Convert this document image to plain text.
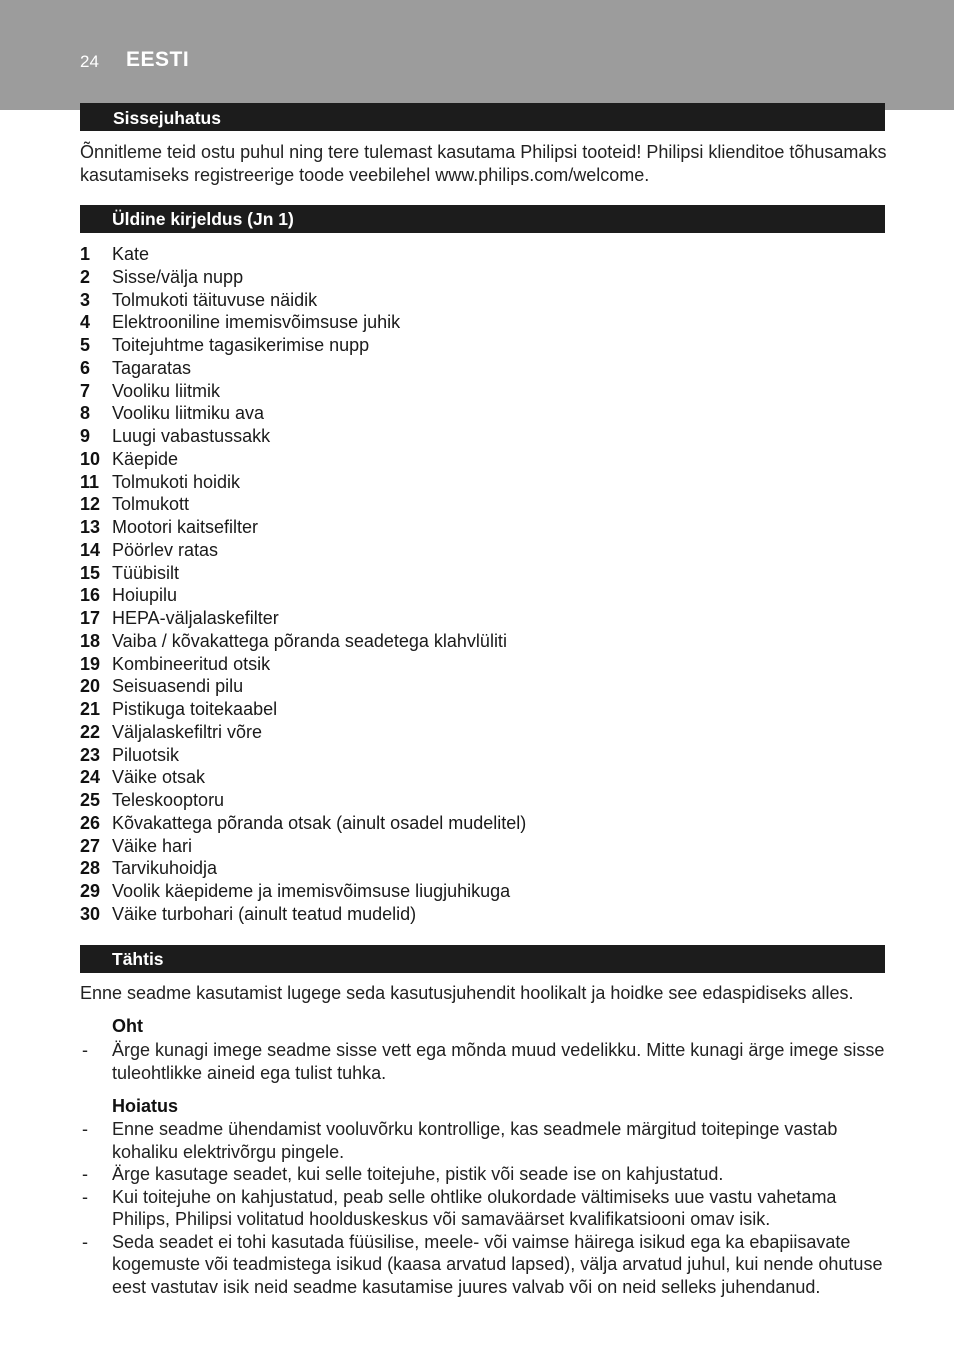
24 EESTI
Sissejuhatus
Õnnitleme teid ostu puhul ning tere tulemast kasutama Philipsi tooteid! Philipsi klienditoe tõhusamaks kasutamiseks registreerige toode veebilehel www.philips.com/welcome.
Üldine kirjeldus (Jn 1)
1 Kate
2 Sisse/välja nupp
3 Tolmukoti täituvuse näidik
4 Elektrooniline imemisvõimsuse juhik
5 Toitejuhtme tagasikerimise nupp
6 Tagaratas
7 Vooliku liitmik
8 Vooliku liitmiku ava
9 Luugi vabastussakk
10 Käepide
11 Tolmukoti hoidik
12 Tolmukott
13 Mootori kaitsefilter
14 Pöörlev ratas
15 Tüübisilt
16 Hoiupilu
17 HEPA-väljalaskefilter
18 Vaiba / kõvakattega põranda seadetega klahvlüliti
19 Kombineeritud otsik
20 Seisuasendi pilu
21 Pistikuga toitekaabel
22 Väljalaskefiltri võre
23 Piluotsik
24 Väike otsak
25 Teleskooptoru
26 Kõvakattega põranda otsak (ainult osadel mudelitel)
27 Väike hari
28 Tarvikuhoidja
29 Voolik käepideme ja imemisvõimsuse liugjuhikuga
30 Väike turbohari (ainult teatud mudelid)
Tähtis
Enne seadme kasutamist lugege seda kasutusjuhendit hoolikalt ja hoidke see edaspidiseks alles.
Oht
- Ärge kunagi imege seadme sisse vett ega mõnda muud vedelikku. Mitte kunagi ärge imege sisse tuleohtlikke aineid ega tulist tuhka.
Hoiatus
- Enne seadme ühendamist vooluvõrku kontrollige, kas seadmele märgitud toitepinge vastab kohaliku elektrivõrgu pingele.
- Ärge kasutage seadet, kui selle toitejuhe, pistik või seade ise on kahjustatud.
- Kui toitejuhe on kahjustatud, peab selle ohtlike olukordade vältimiseks uue vastu vahetama Philips, Philipsi volitatud hoolduskeskus või samaväärset kvalifikatsiooni omav isik.
- Seda seadet ei tohi kasutada füüsilise, meele- või vaimse häirega isikud ega ka ebapiisavate kogemuste või teadmistega isikud (kaasa arvatud lapsed), välja arvatud juhul, kui nende ohutuse eest vastutav isik neid seadme kasutamise juures valvab või on neid selleks juhendanud.
